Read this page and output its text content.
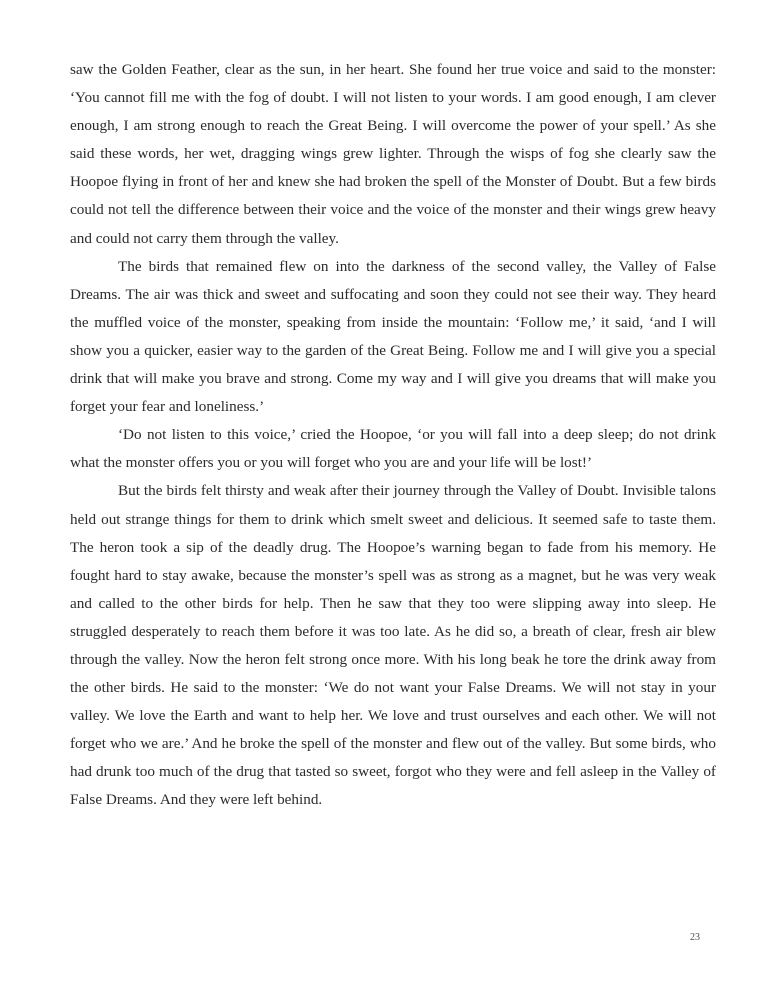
saw the Golden Feather, clear as the sun, in her heart. She found her true voice and said to the monster: ‘You cannot fill me with the fog of doubt. I will not listen to your words. I am good enough, I am clever enough, I am strong enough to reach the Great Being. I will overcome the power of your spell.’ As she said these words, her wet, dragging wings grew lighter. Through the wisps of fog she clearly saw the Hoopoe flying in front of her and knew she had broken the spell of the Monster of Doubt. But a few birds could not tell the difference between their voice and the voice of the monster and their wings grew heavy and could not carry them through the valley.

The birds that remained flew on into the darkness of the second valley, the Valley of False Dreams. The air was thick and sweet and suffocating and soon they could not see their way. They heard the muffled voice of the monster, speaking from inside the mountain: ‘Follow me,’ it said, ‘and I will show you a quicker, easier way to the garden of the Great Being. Follow me and I will give you a special drink that will make you brave and strong. Come my way and I will give you dreams that will make you forget your fear and loneliness.’

‘Do not listen to this voice,’ cried the Hoopoe, ‘or you will fall into a deep sleep; do not drink what the monster offers you or you will forget who you are and your life will be lost!’

But the birds felt thirsty and weak after their journey through the Valley of Doubt. Invisible talons held out strange things for them to drink which smelt sweet and delicious. It seemed safe to taste them. The heron took a sip of the deadly drug. The Hoopoe’s warning began to fade from his memory. He fought hard to stay awake, because the monster’s spell was as strong as a magnet, but he was very weak and called to the other birds for help. Then he saw that they too were slipping away into sleep. He struggled desperately to reach them before it was too late. As he did so, a breath of clear, fresh air blew through the valley. Now the heron felt strong once more. With his long beak he tore the drink away from the other birds. He said to the monster: ‘We do not want your False Dreams. We will not stay in your valley. We love the Earth and want to help her. We love and trust ourselves and each other. We will not forget who we are.’ And he broke the spell of the monster and flew out of the valley. But some birds, who had drunk too much of the drug that tasted so sweet, forgot who they were and fell asleep in the Valley of False Dreams. And they were left behind.

23
